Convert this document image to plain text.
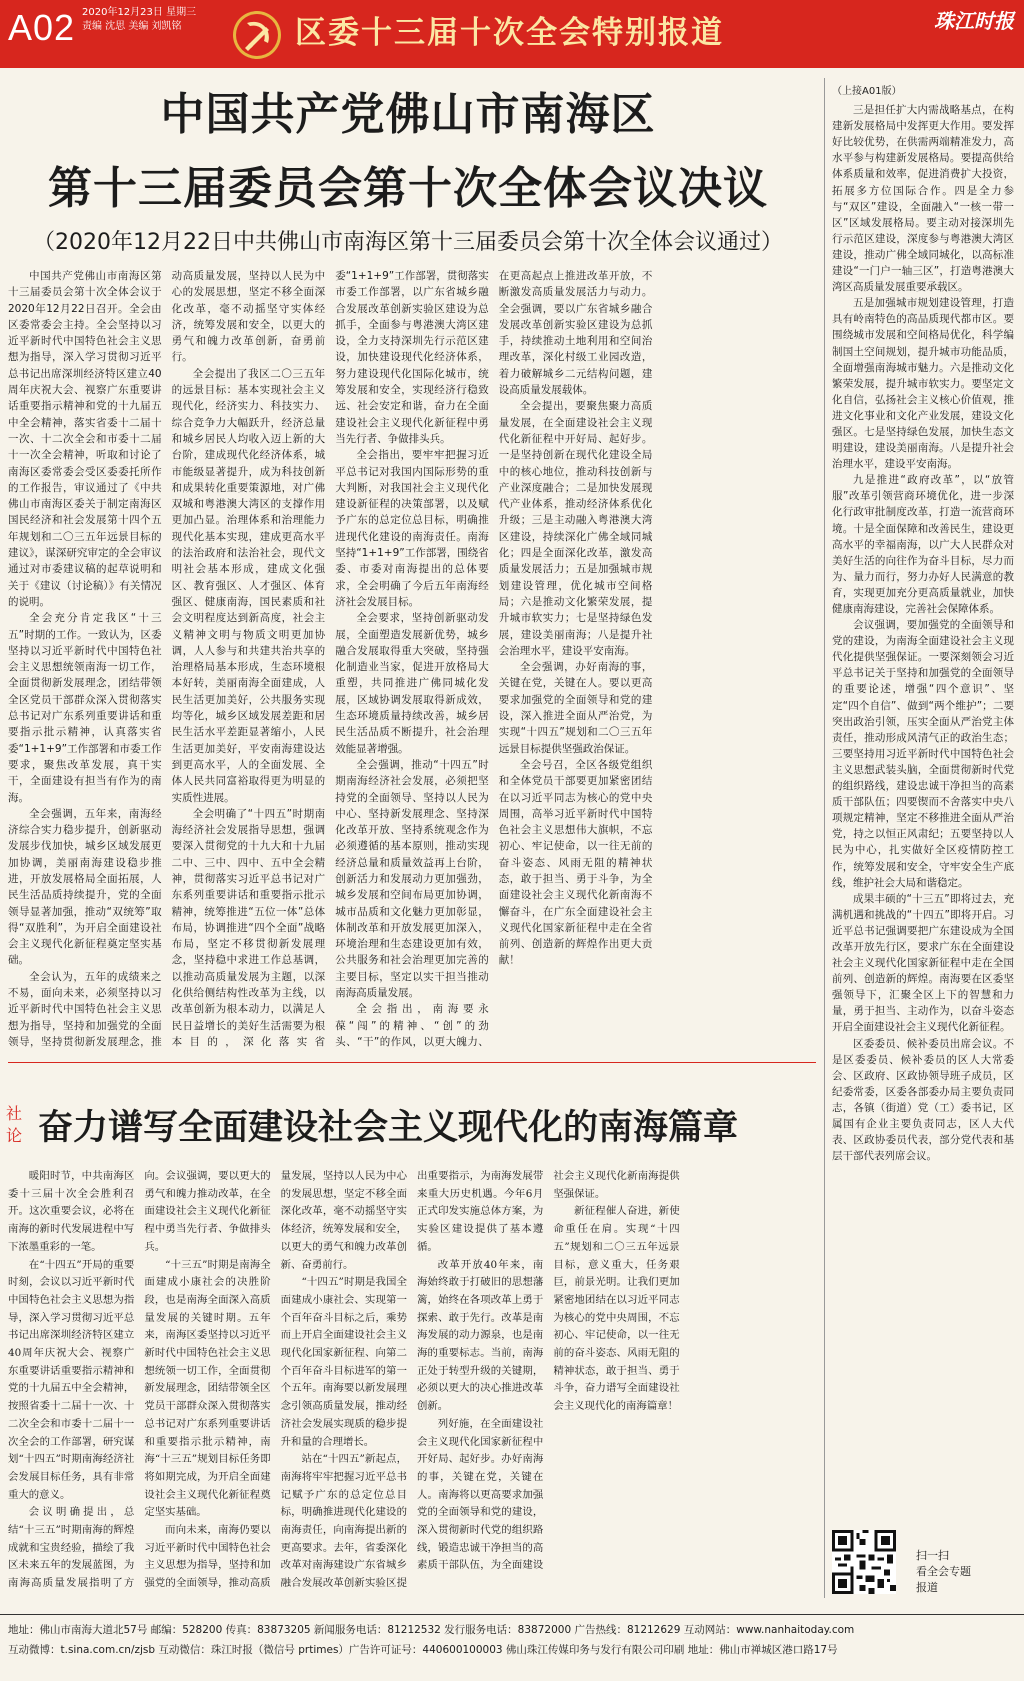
A02 2020年12月23日 星期三
责编 沈思 美编 刘凯铭	区委十三届十次全会特别报道	珠江时报
中国共产党佛山市南海区
第十三届委员会第十次全体会议决议
（2020年12月22日中共佛山市南海区第十三届委员会第十次全体会议通过）

中国共产党佛山市南海区第十三届委员会第十次全体会议于2020年12月22日召开。全会由区委常委会主持。全会坚持以习近平新时代中国特色社会主义思想为指导，深入学习贯彻习近平总书记出席深圳经济特区建立40周年庆祝大会、视察广东重要讲话重要指示精神和党的十九届五中全会精神，落实省委十二届十一次、十二次全会和市委十二届十一次全会精神，听取和讨论了南海区委常委会受区委委托所作的工作报告，审议通过了《中共佛山市南海区委关于制定南海区国民经济和社会发展第十四个五年规划和二〇三五年远景目标的建议》，谋深研究审定的全会审议通过对市委建议稿的起草说明和关于《建议（讨论稿）》有关情况的说明。

全会充分肯定我区“十三五”时期的工作。一致认为，区委坚持以习近平新时代中国特色社会主义思想统领南海一切工作，全面贯彻新发展理念，团结带领全区党员干部群众深入贯彻落实总书记对广东系列重要讲话和重要指示批示精神，认真落实省委“1+1+9”工作部署和市委工作要求，聚焦改革发展，真干实干，全面建设有担当有作为的南海。

全会强调，五年来，南海经济综合实力稳步提升，创新驱动发展步伐加快，城乡区域发展更加协调，美丽南海建设稳步推进，开放发展格局全面拓展，人民生活品质持续提升，党的全面领导显著加强，推动“双统筹”取得“双胜利”，为开启全面建设社会主义现代化新征程奠定坚实基础。

全会认为，五年的成绩来之不易，面向未来，必须坚持以习近平新时代中国特色社会主义思想为指导，坚持和加强党的全面领导，坚持贯彻新发展理念，推动高质量发展，坚持以人民为中心的发展思想，坚定不移全面深化改革，毫不动摇坚守实体经济，统筹发展和安全，以更大的勇气和魄力改革创新，奋勇前行。

全会提出了我区二〇三五年的远景目标：基本实现社会主义现代化，经济实力、科技实力、综合竞争力大幅跃升，经济总量和城乡居民人均收入迈上新的大台阶，建成现代化经济体系，城市能级显著提升，成为科技创新和成果转化重要策源地，对广佛双城和粤港澳大湾区的支撑作用更加凸显。治理体系和治理能力现代化基本实现，建成更高水平的法治政府和法治社会，现代文明社会基本形成，建成文化强区、教育强区、人才强区、体育强区、健康南海，国民素质和社会文明程度达到新高度，社会主义精神文明与物质文明更加协调，人人参与和共建共治共享的治理格局基本形成，生态环境根本好转，美丽南海全面建成，人民生活更加美好，公共服务实现均等化，城乡区域发展差距和居民生活水平差距显著缩小，人民生活更加美好，平安南海建设达到更高水平，人的全面发展、全体人民共同富裕取得更为明显的实质性进展。

全会明确了“十四五”时期南海经济社会发展指导思想，强调要深入贯彻党的十九大和十九届二中、三中、四中、五中全会精神，贯彻落实习近平总书记对广东系列重要讲话和重要指示批示精神，统筹推进“五位一体”总体布局，协调推进“四个全面”战略布局，坚定不移贯彻新发展理念，坚持稳中求进工作总基调，以推动高质量发展为主题，以深化供给侧结构性改革为主线，以改革创新为根本动力，以满足人民日益增长的美好生活需要为根本目的，深化落实省委“1+1+9”工作部署，贯彻落实市委工作部署，以广东省城乡融合发展改革创新实验区建设为总抓手，全面参与粤港澳大湾区建设，全力支持深圳先行示范区建设，加快建设现代化经济体系，努力建设现代化国际化城市，统筹发展和安全，实现经济行稳致远、社会安定和谐，奋力在全面建设社会主义现代化新征程中勇当先行者、争做排头兵。

全会指出，要牢牢把握习近平总书记对我国内国际形势的重大判断，对我国社会主义现代化建设新征程的决策部署，以及赋予广东的总定位总目标，明确推进现代化建设的南海责任。南海坚持“1+1+9”工作部署，围绕省委、市委对南海提出的总体要求，全会明确了今后五年南海经济社会发展目标。

全会要求，坚持创新驱动发展，全面塑造发展新优势，城乡融合发展取得重大突破，坚持强化制造业当家，促进开放格局大重塑，共同推进广佛同城化发展，区域协调发展取得新成效，生态环境质量持续改善，城乡居民生活品质不断提升，社会治理效能显著增强。

全会强调，推动“十四五”时期南海经济社会发展，必须把坚持党的全面领导、坚持以人民为中心、坚持新发展理念、坚持深化改革开放、坚持系统观念作为必须遵循的基本原则，推动实现经济总量和质量效益再上台阶，创新活力和发展动力更加强劲，城乡发展和空间布局更加协调，城市品质和文化魅力更加彰显，体制改革和开放发展更加深入，环境治理和生态建设更加有效，公共服务和社会治理更加完善的主要目标，坚定以实干担当推动南海高质量发展。

全会指出，南海要永葆“闯”的精神、“创”的劲头、“干”的作风，以更大魄力、在更高起点上推进改革开放，不断激发高质量发展活力与动力。全会强调，要以广东省城乡融合发展改革创新实验区建设为总抓手，持续推动土地利用和空间治理改革，深化村级工业园改造，着力破解城乡二元结构问题，建设高质量发展载体。

全会提出，要聚焦聚力高质量发展，在全面建设社会主义现代化新征程中开好局、起好步。一是坚持创新在现代化建设全局中的核心地位，推动科技创新与产业深度融合；二是加快发展现代产业体系，推动经济体系优化升级；三是主动融入粤港澳大湾区建设，持续深化广佛全域同城化；四是全面深化改革，激发高质量发展活力；五是加强城市规划建设管理，优化城市空间格局；六是推动文化繁荣发展，提升城市软实力；七是坚持绿色发展，建设美丽南海；八是提升社会治理水平，建设平安南海。

全会强调，办好南海的事，关键在党，关键在人。要以更高要求加强党的全面领导和党的建设，深入推进全面从严治党，为实现“十四五”规划和二〇三五年远景目标提供坚强政治保证。

全会号召，全区各级党组织和全体党员干部要更加紧密团结在以习近平同志为核心的党中央周围，高举习近平新时代中国特色社会主义思想伟大旗帜，不忘初心、牢记使命，以一往无前的奋斗姿态、风雨无阻的精神状态，敢于担当、勇于斗争，为全面建设社会主义现代化新南海不懈奋斗，在广东全面建设社会主义现代化国家新征程中走在全省前列、创造新的辉煌作出更大贡献！

社论 奋力谱写全面建设社会主义现代化的南海篇章

暖阳时节，中共南海区委十三届十次全会胜利召开。这次重要会议，必将在南海的新时代发展进程中写下浓墨重彩的一笔。

在“十四五”开局的重要时刻，会议以习近平新时代中国特色社会主义思想为指导，深入学习贯彻习近平总书记出席深圳经济特区建立40周年庆祝大会、视察广东重要讲话重要指示精神和党的十九届五中全会精神，按照省委十二届十一次、十二次全会和市委十二届十一次全会的工作部署，研究谋划“十四五”时期南海经济社会发展目标任务，具有非常重大的意义。

会议明确提出，总结“十三五”时期南海的辉煌成就和宝贵经验，描绘了我区未来五年的发展蓝图，为南海高质量发展指明了方向。会议强调，要以更大的勇气和魄力推动改革，在全面建设社会主义现代化新征程中勇当先行者、争做排头兵。

“十三五”时期是南海全面建成小康社会的决胜阶段，也是南海全面深入高质量发展的关键时期。五年来，南海区委坚持以习近平新时代中国特色社会主义思想统领一切工作，全面贯彻新发展理念，团结带领全区党员干部群众深入贯彻落实总书记对广东系列重要讲话和重要指示批示精神，南海“十三五”规划目标任务即将如期完成，为开启全面建设社会主义现代化新征程奠定坚实基础。

而向未来，南海仍要以习近平新时代中国特色社会主义思想为指导，坚持和加强党的全面领导，推动高质量发展，坚持以人民为中心的发展思想，坚定不移全面深化改革，毫不动摇坚守实体经济，统筹发展和安全，以更大的勇气和魄力改革创新、奋勇前行。

“十四五”时期是我国全面建成小康社会、实现第一个百年奋斗目标之后，乘势而上开启全面建设社会主义现代化国家新征程、向第二个百年奋斗目标进军的第一个五年。南海要以新发展理念引领高质量发展，推动经济社会发展实现质的稳步提升和量的合理增长。

站在“十四五”新起点，南海将牢牢把握习近平总书记赋予广东的总定位总目标，明确推进现代化建设的南海责任，向南海提出新的更高要求。去年，省委深化改革对南海建设广东省城乡融合发展改革创新实验区提出重要指示，为南海发展带来重大历史机遇。今年6月正式印发实施总体方案，为实验区建设提供了基本遵循。

改革开放40年来，南海始终敢于打破旧的思想藩篱，始终在各项改革上勇于探索、敢于先行。改革是南海发展的动力源泉，也是南海的重要标志。当前，南海正处于转型升级的关键期，必须以更大的决心推进改革创新。

列好施，在全面建设社会主义现代化国家新征程中开好局、起好步。办好南海的事，关键在党，关键在人。南海将以更高要求加强党的全面领导和党的建设，深入贯彻新时代党的组织路线，锻造忠诚干净担当的高素质干部队伍，为全面建设社会主义现代化新南海提供坚强保证。

新征程催人奋进，新使命重任在肩。实现“十四五”规划和二〇三五年远景目标，意义重大，任务艰巨，前景光明。让我们更加紧密地团结在以习近平同志为核心的党中央周围，不忘初心、牢记使命，以一往无前的奋斗姿态、风雨无阻的精神状态，敢于担当、勇于斗争，奋力谱写全面建设社会主义现代化的南海篇章！

（上接A01版）

三是担任扩大内需战略基点，在构建新发展格局中发挥更大作用。要发挥好比较优势，在供需两端精准发力，高水平参与构建新发展格局。要提高供给体系质量和效率，促进消费扩大投资，拓展多方位国际合作。四是全力参与“双区”建设，全面融入“一核一带一区”区域发展格局。要主动对接深圳先行示范区建设，深度参与粤港澳大湾区建设，推动广佛全域同城化，以高标准建设“一门户一轴三区”，打造粤港澳大湾区高质量发展重要承载区。

五是加强城市规划建设管理，打造具有岭南特色的高品质现代都市区。要围绕城市发展和空间格局优化，科学编制国土空间规划，提升城市功能品质，全面增强南海城市魅力。六是推动文化繁荣发展，提升城市软实力。要坚定文化自信，弘扬社会主义核心价值观，推进文化事业和文化产业发展，建设文化强区。七是坚持绿色发展，加快生态文明建设，建设美丽南海。八是提升社会治理水平，建设平安南海。

九是推进“政府改革”，以“放管服”改革引领营商环境优化，进一步深化行政审批制度改革，打造一流营商环境。十是全面保障和改善民生，建设更高水平的幸福南海，以广大人民群众对美好生活的向往作为奋斗目标，尽力而为、量力而行，努力办好人民满意的教育，实现更加充分更高质量就业，加快健康南海建设，完善社会保障体系。

会议强调，要加强党的全面领导和党的建设，为南海全面建设社会主义现代化提供坚强保证。一要深刻领会习近平总书记关于坚持和加强党的全面领导的重要论述，增强“四个意识”、坚定“四个自信”、做到“两个维护”；二要突出政治引领，压实全面从严治党主体责任，推动形成风清气正的政治生态；三要坚持用习近平新时代中国特色社会主义思想武装头脑，全面贯彻新时代党的组织路线，建设忠诚干净担当的高素质干部队伍；四要锲而不舍落实中央八项规定精神，坚定不移推进全面从严治党，持之以恒正风肃纪；五要坚持以人民为中心，扎实做好全区疫情防控工作，统筹发展和安全，守牢安全生产底线，维护社会大局和谐稳定。

成果丰硕的“十三五”即将过去，充满机遇和挑战的“十四五”即将开启。习近平总书记强调要把广东建设成为全国改革开放先行区，要求广东在全面建设社会主义现代化国家新征程中走在全国前列、创造新的辉煌。南海要在区委坚强领导下，汇聚全区上下的智慧和力量，勇于担当、主动作为，以奋斗姿态开启全面建设社会主义现代化新征程。

区委委员、候补委员出席会议。不是区委委员、候补委员的区人大常委会、区政府、区政协领导班子成员，区纪委常委，区委各部委办局主要负责同志，各镇（街道）党（工）委书记，区属国有企业主要负责同志，区人大代表、区政协委员代表，部分党代表和基层干部代表列席会议。

扫一扫
看全会专题
报道
地址：佛山市南海大道北57号 邮编：528200 传真：83873205 新闻服务电话：81212532 发行服务电话：83872000 广告热线：81212629 互动网站：www.nanhaitoday.com
互动微博：t.sina.com.cn/zjsb 互动微信：珠江时报（微信号 prtimes）广告许可证号：440600100003 佛山珠江传媒印务与发行有限公司印刷 地址：佛山市禅城区港口路17号
